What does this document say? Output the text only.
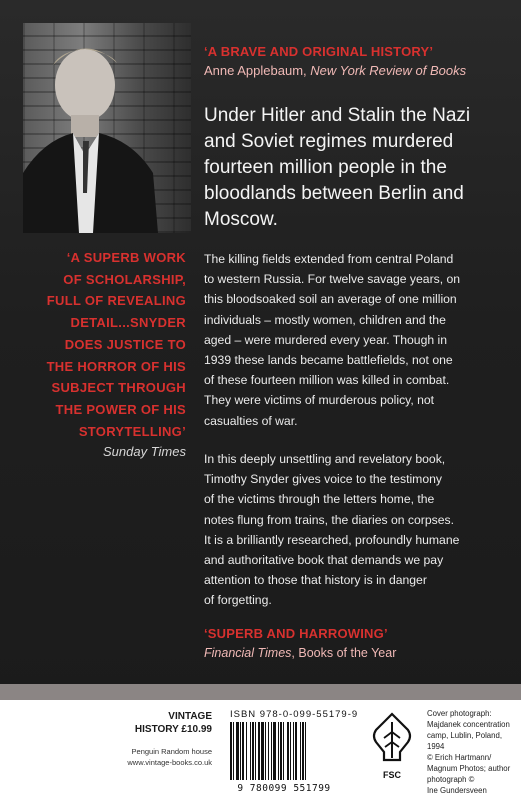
‘A BRAVE AND ORIGINAL HISTORY’
Anne Applebaum, New York Review of Books
Under Hitler and Stalin the Nazi and Soviet regimes murdered fourteen million people in the bloodlands between Berlin and Moscow.
‘A SUPERB WORK
OF SCHOLARSHIP,
FULL OF REVEALING
DETAIL...SNYDER
DOES JUSTICE TO
THE HORROR OF HIS
SUBJECT THROUGH
THE POWER OF HIS
STORYTELLING’
Sunday Times
The killing fields extended from central Poland
to western Russia. For twelve savage years, on
this bloodsoaked soil an average of one million
individuals – mostly women, children and the
aged – were murdered every year. Though in
1939 these lands became battlefields, not one
of these fourteen million was killed in combat.
They were victims of murderous policy, not
casualties of war.
In this deeply unsettling and revelatory book,
Timothy Snyder gives voice to the testimony
of the victims through the letters home, the
notes flung from trains, the diaries on corpses.
It is a brilliantly researched, profoundly humane
and authoritative book that demands we pay
attention to those that history is in danger
of forgetting.
‘SUPERB AND HARROWING’
Financial Times, Books of the Year
VINTAGE
HISTORY £10.99
Penguin Random house
www.vintage-books.co.uk
ISBN 978-0-099-55179-9
9 780099 551799
FSC
Cover photograph:
Majdanek concentration
camp, Lublin, Poland, 1994
© Erich Hartmann/
Magnum Photos; author
photograph ©
Ine Gundersveen
